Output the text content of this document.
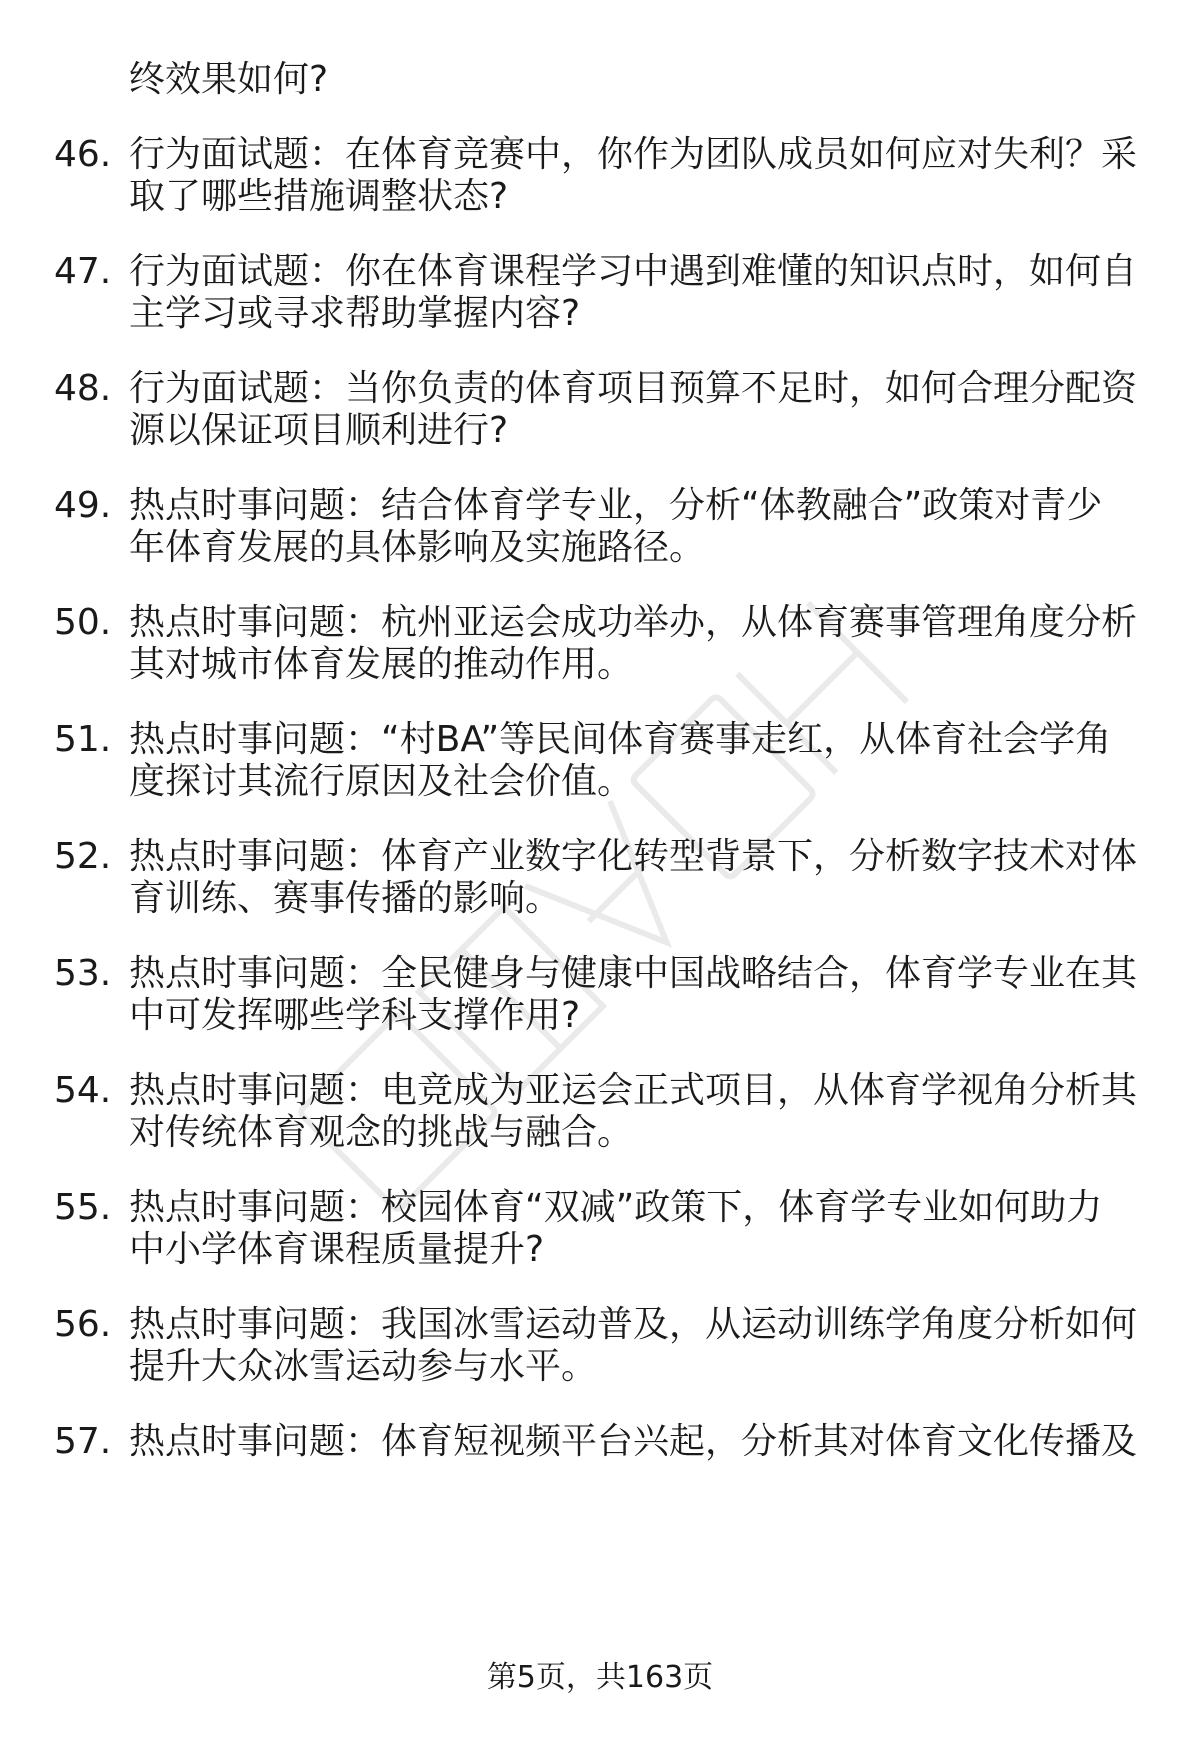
终效果如何?
46. 行为面试题：在体育竞赛中，你作为团队成员如何应对失利？采
取了哪些措施调整状态?
47. 行为面试题：你在体育课程学习中遇到难懂的知识点时，如何自
主学习或寻求帮助掌握内容?
48. 行为面试题：当你负责的体育项目预算不足时，如何合理分配资
源以保证项目顺利进行?
49. 热点时事问题：结合体育学专业，分析“体教融合”政策对青少
年体育发展的具体影响及实施路径。
50. 热点时事问题：杭州亚运会成功举办，从体育赛事管理角度分析
其对城市体育发展的推动作用。
51. 热点时事问题：“村BA”等民间体育赛事走红，从体育社会学角
度探讨其流行原因及社会价值。
52. 热点时事问题：体育产业数字化转型背景下，分析数字技术对体
育训练、赛事传播的影响。
53. 热点时事问题：全民健身与健康中国战略结合，体育学专业在其
中可发挥哪些学科支撑作用?
54. 热点时事问题：电竞成为亚运会正式项目，从体育学视角分析其
对传统体育观念的挑战与融合。
55. 热点时事问题：校园体育“双减”政策下，体育学专业如何助力
中小学体育课程质量提升?
56. 热点时事问题：我国冰雪运动普及，从运动训练学角度分析如何
提升大众冰雪运动参与水平。
57. 热点时事问题：体育短视频平台兴起，分析其对体育文化传播及
第5页，共163页
